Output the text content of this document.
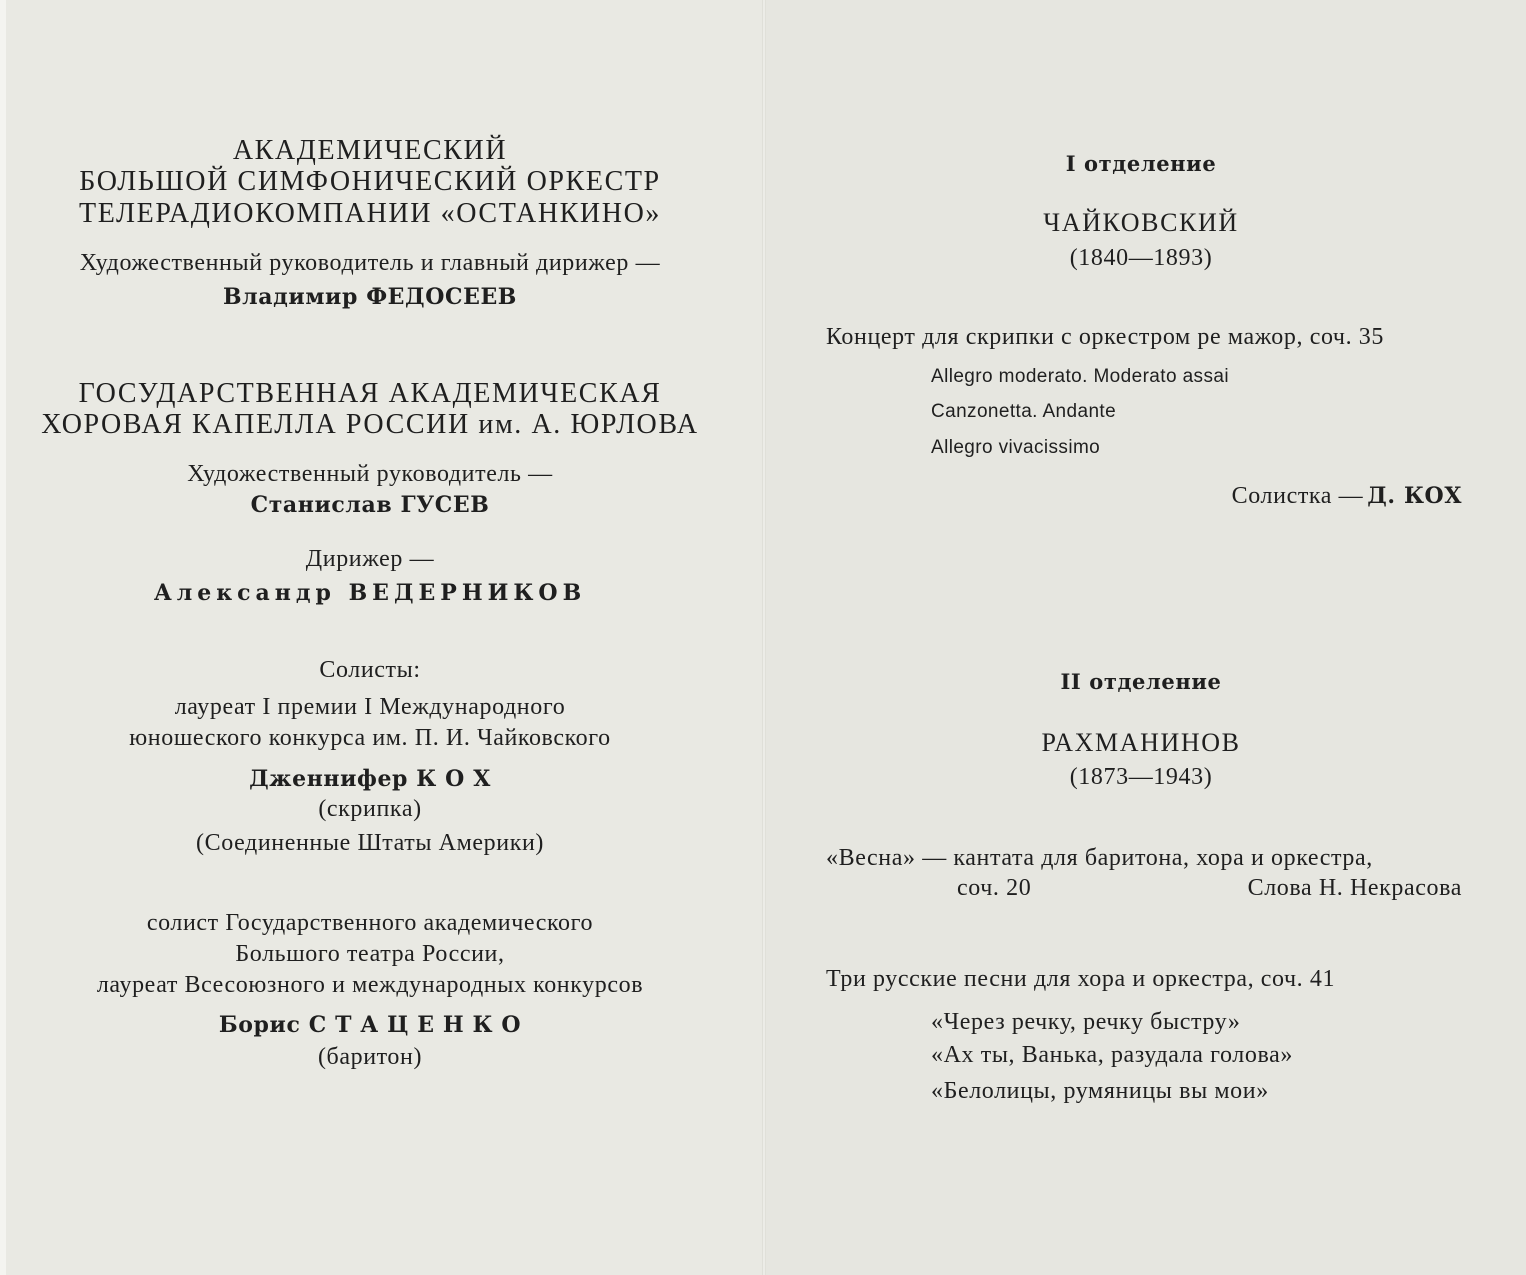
АКАДЕМИЧЕСКИЙ
БОЛЬШОЙ СИМФОНИЧЕСКИЙ ОРКЕСТР
ТЕЛЕРАДИОКОМПАНИИ «ОСТАНКИНО»
Художественный руководитель и главный дирижер —
Владимир ФЕДОСЕЕВ
ГОСУДАРСТВЕННАЯ АКАДЕМИЧЕСКАЯ
ХОРОВАЯ КАПЕЛЛА РОССИИ им. А. ЮРЛОВА
Художественный руководитель —
Станислав ГУСЕВ
Дирижер —
Александр ВЕДЕРНИКОВ
Солисты:
лауреат I премии I Международного
юношеского конкурса им. П. И. Чайковского
Дженнифер К О Х
(скрипка)
(Соединенные Штаты Америки)
солист Государственного академического
Большого театра России,
лауреат Всесоюзного и международных конкурсов
Борис С Т А Ц Е Н К О
(баритон)
I отделение
ЧАЙКОВСКИЙ
(1840—1893)
Концерт для скрипки с оркестром ре мажор, соч. 35
Allegro moderato. Moderato assai
Canzonetta. Andante
Allegro vivacissimo
Солистка — Д. КОХ
II отделение
РАХМАНИНОВ
(1873—1943)
«Весна» — кантата для баритона, хора и оркестра,
соч. 20	Слова Н. Некрасова
Три русские песни для хора и оркестра, соч. 41
«Через речку, речку быстру»
«Ах ты, Ванька, разудала голова»
«Белолицы, румяницы вы мои»
